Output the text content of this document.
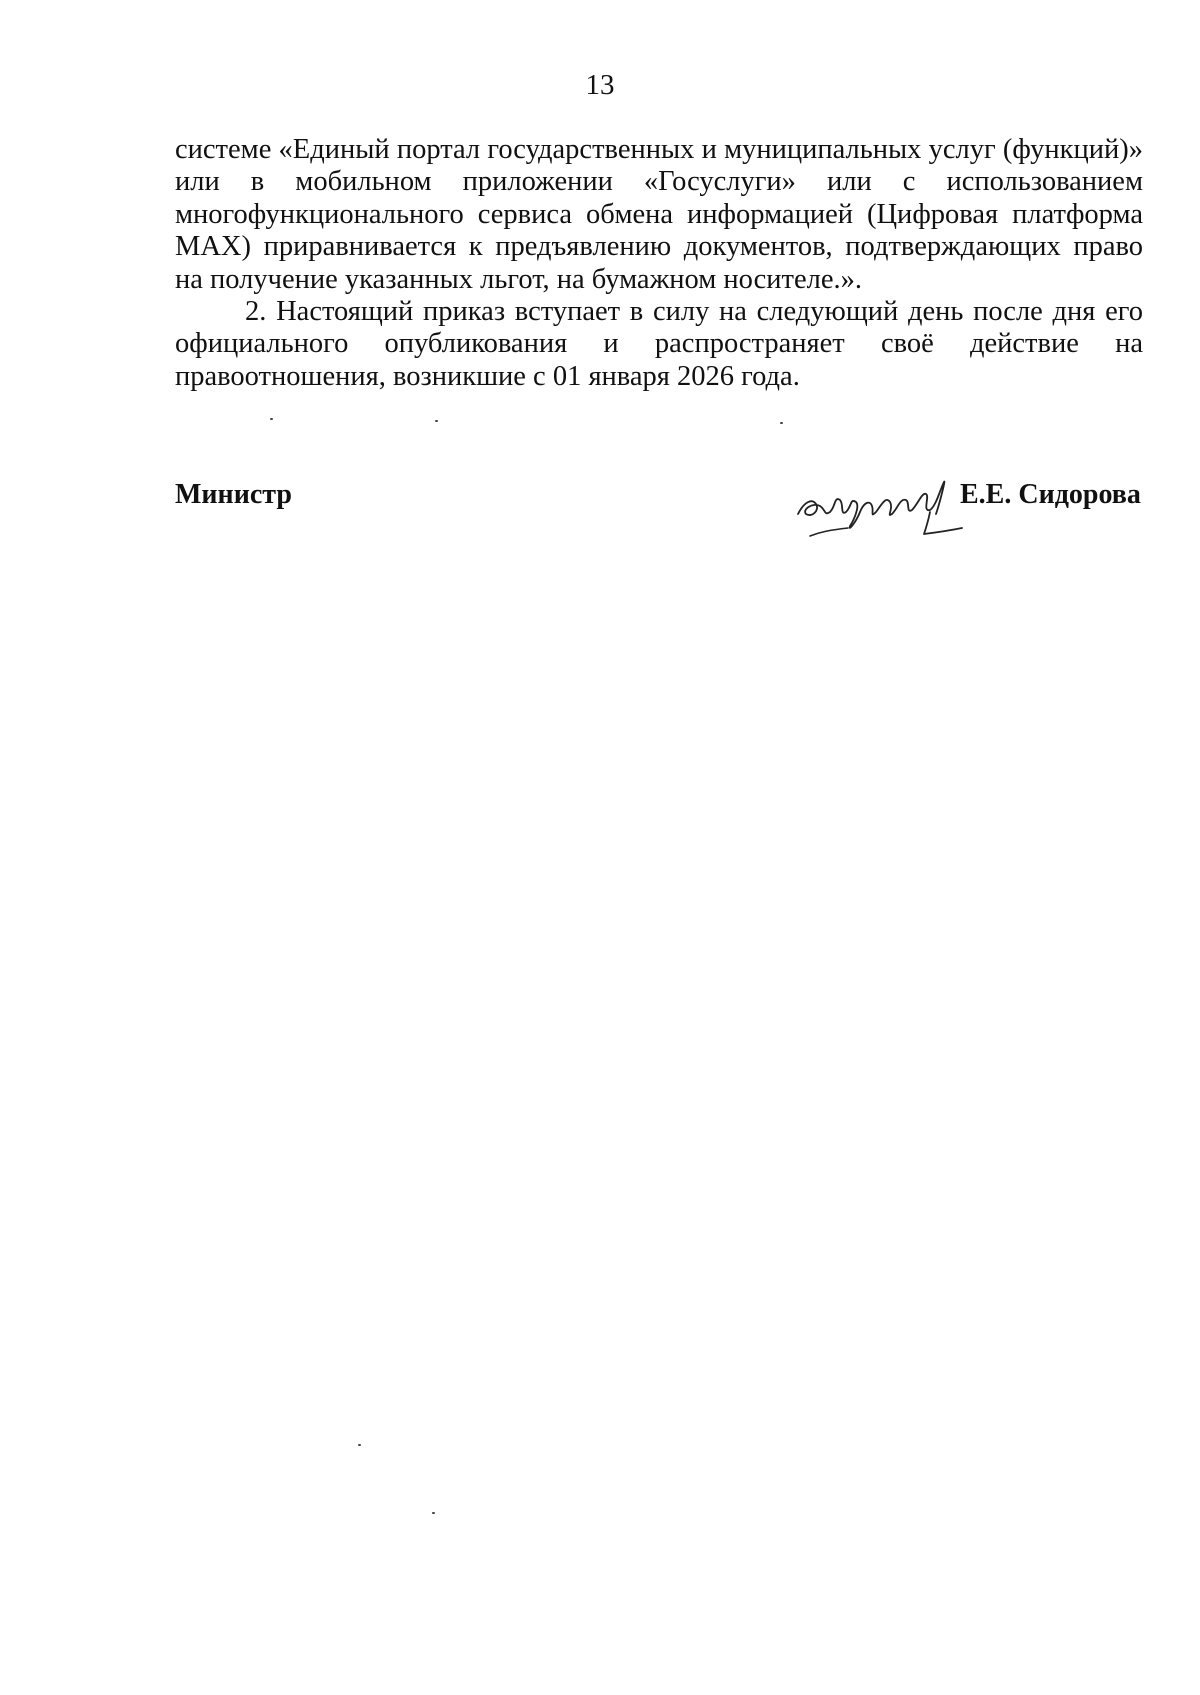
13

системе «Единый портал государственных и муниципальных услуг (функций)» или в мобильном приложении «Госуслуги» или с использованием многофункционального сервиса обмена информацией (Цифровая платформа MAX) приравнивается к предъявлению документов, подтверждающих право на получение указанных льгот, на бумажном носителе.».

2. Настоящий приказ вступает в силу на следующий день после дня его официального опубликования и распространяет своё действие на правоотношения, возникшие с 01 января 2026 года.

Министр	Е.Е. Сидорова
